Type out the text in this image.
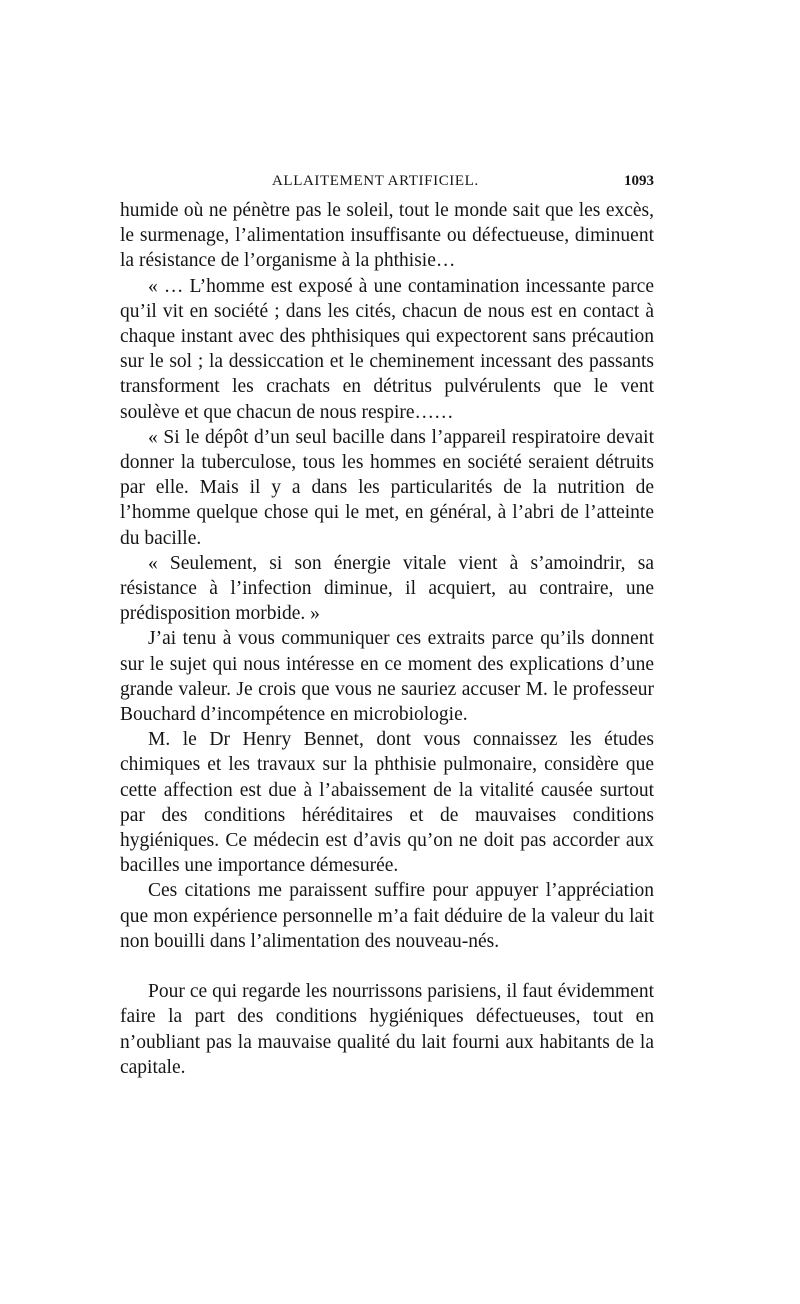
ALLAITEMENT ARTIFICIEL.	1093

humide où ne pénètre pas le soleil, tout le monde sait que les excès, le surmenage, l’alimentation insuffisante ou défectueuse, diminuent la résistance de l’organisme à la phthisie…

« … L’homme est exposé à une contamination incessante parce qu’il vit en société ; dans les cités, chacun de nous est en contact à chaque instant avec des phthisiques qui expectorent sans précaution sur le sol ; la dessiccation et le cheminement incessant des passants transforment les crachats en détritus pulvérulents que le vent soulève et que chacun de nous respire……

« Si le dépôt d’un seul bacille dans l’appareil respiratoire devait donner la tuberculose, tous les hommes en société seraient détruits par elle. Mais il y a dans les particularités de la nutrition de l’homme quelque chose qui le met, en général, à l’abri de l’atteinte du bacille.

« Seulement, si son énergie vitale vient à s’amoindrir, sa résistance à l’infection diminue, il acquiert, au contraire, une prédisposition morbide. »

J’ai tenu à vous communiquer ces extraits parce qu’ils donnent sur le sujet qui nous intéresse en ce moment des explications d’une grande valeur. Je crois que vous ne sauriez accuser M. le professeur Bouchard d’incompétence en microbiologie.

M. le Dr Henry Bennet, dont vous connaissez les études chimiques et les travaux sur la phthisie pulmonaire, considère que cette affection est due à l’abaissement de la vitalité causée surtout par des conditions héréditaires et de mauvaises conditions hygiéniques. Ce médecin est d’avis qu’on ne doit pas accorder aux bacilles une importance démesurée.

Ces citations me paraissent suffire pour appuyer l’appréciation que mon expérience personnelle m’a fait déduire de la valeur du lait non bouilli dans l’alimentation des nouveau-nés.

Pour ce qui regarde les nourrissons parisiens, il faut évidemment faire la part des conditions hygiéniques défectueuses, tout en n’oubliant pas la mauvaise qualité du lait fourni aux habitants de la capitale.
